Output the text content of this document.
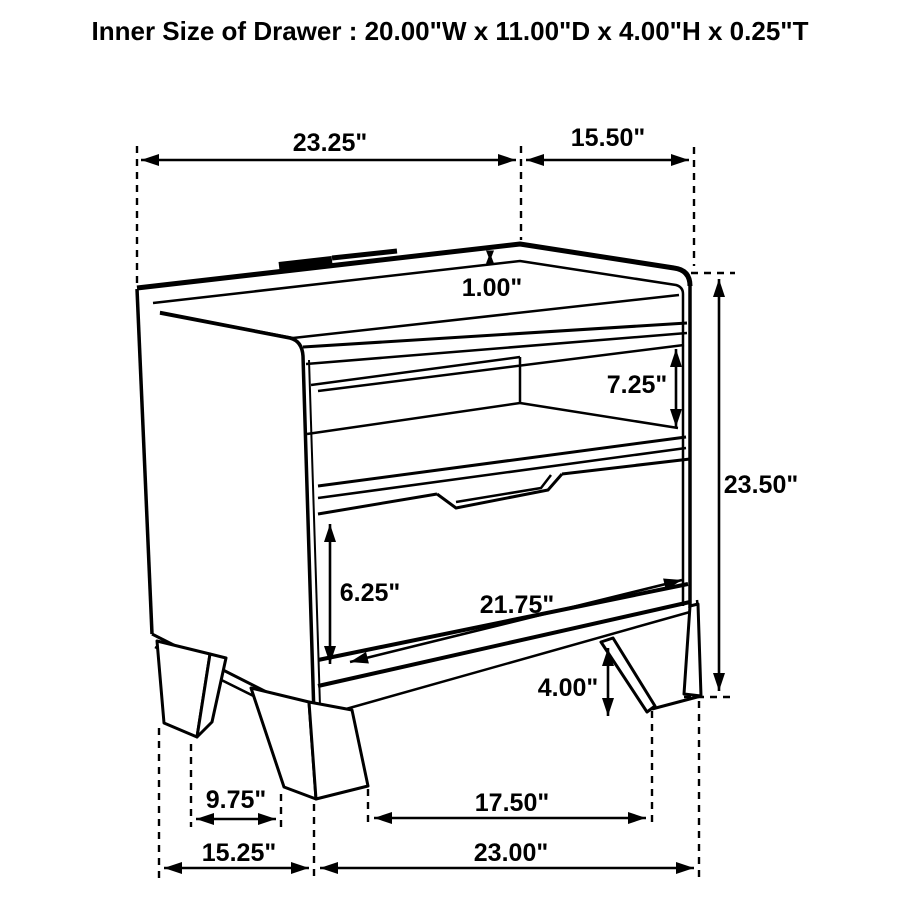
23.25"	15.50"
1.00"
7.25"
23.50"
6.25"	21.75"
4.00"
9.75"	17.50"
15.25"	23.00"
Inner Size of Drawer : 20.00"W x 11.00"D x 4.00"H x 0.25"T
